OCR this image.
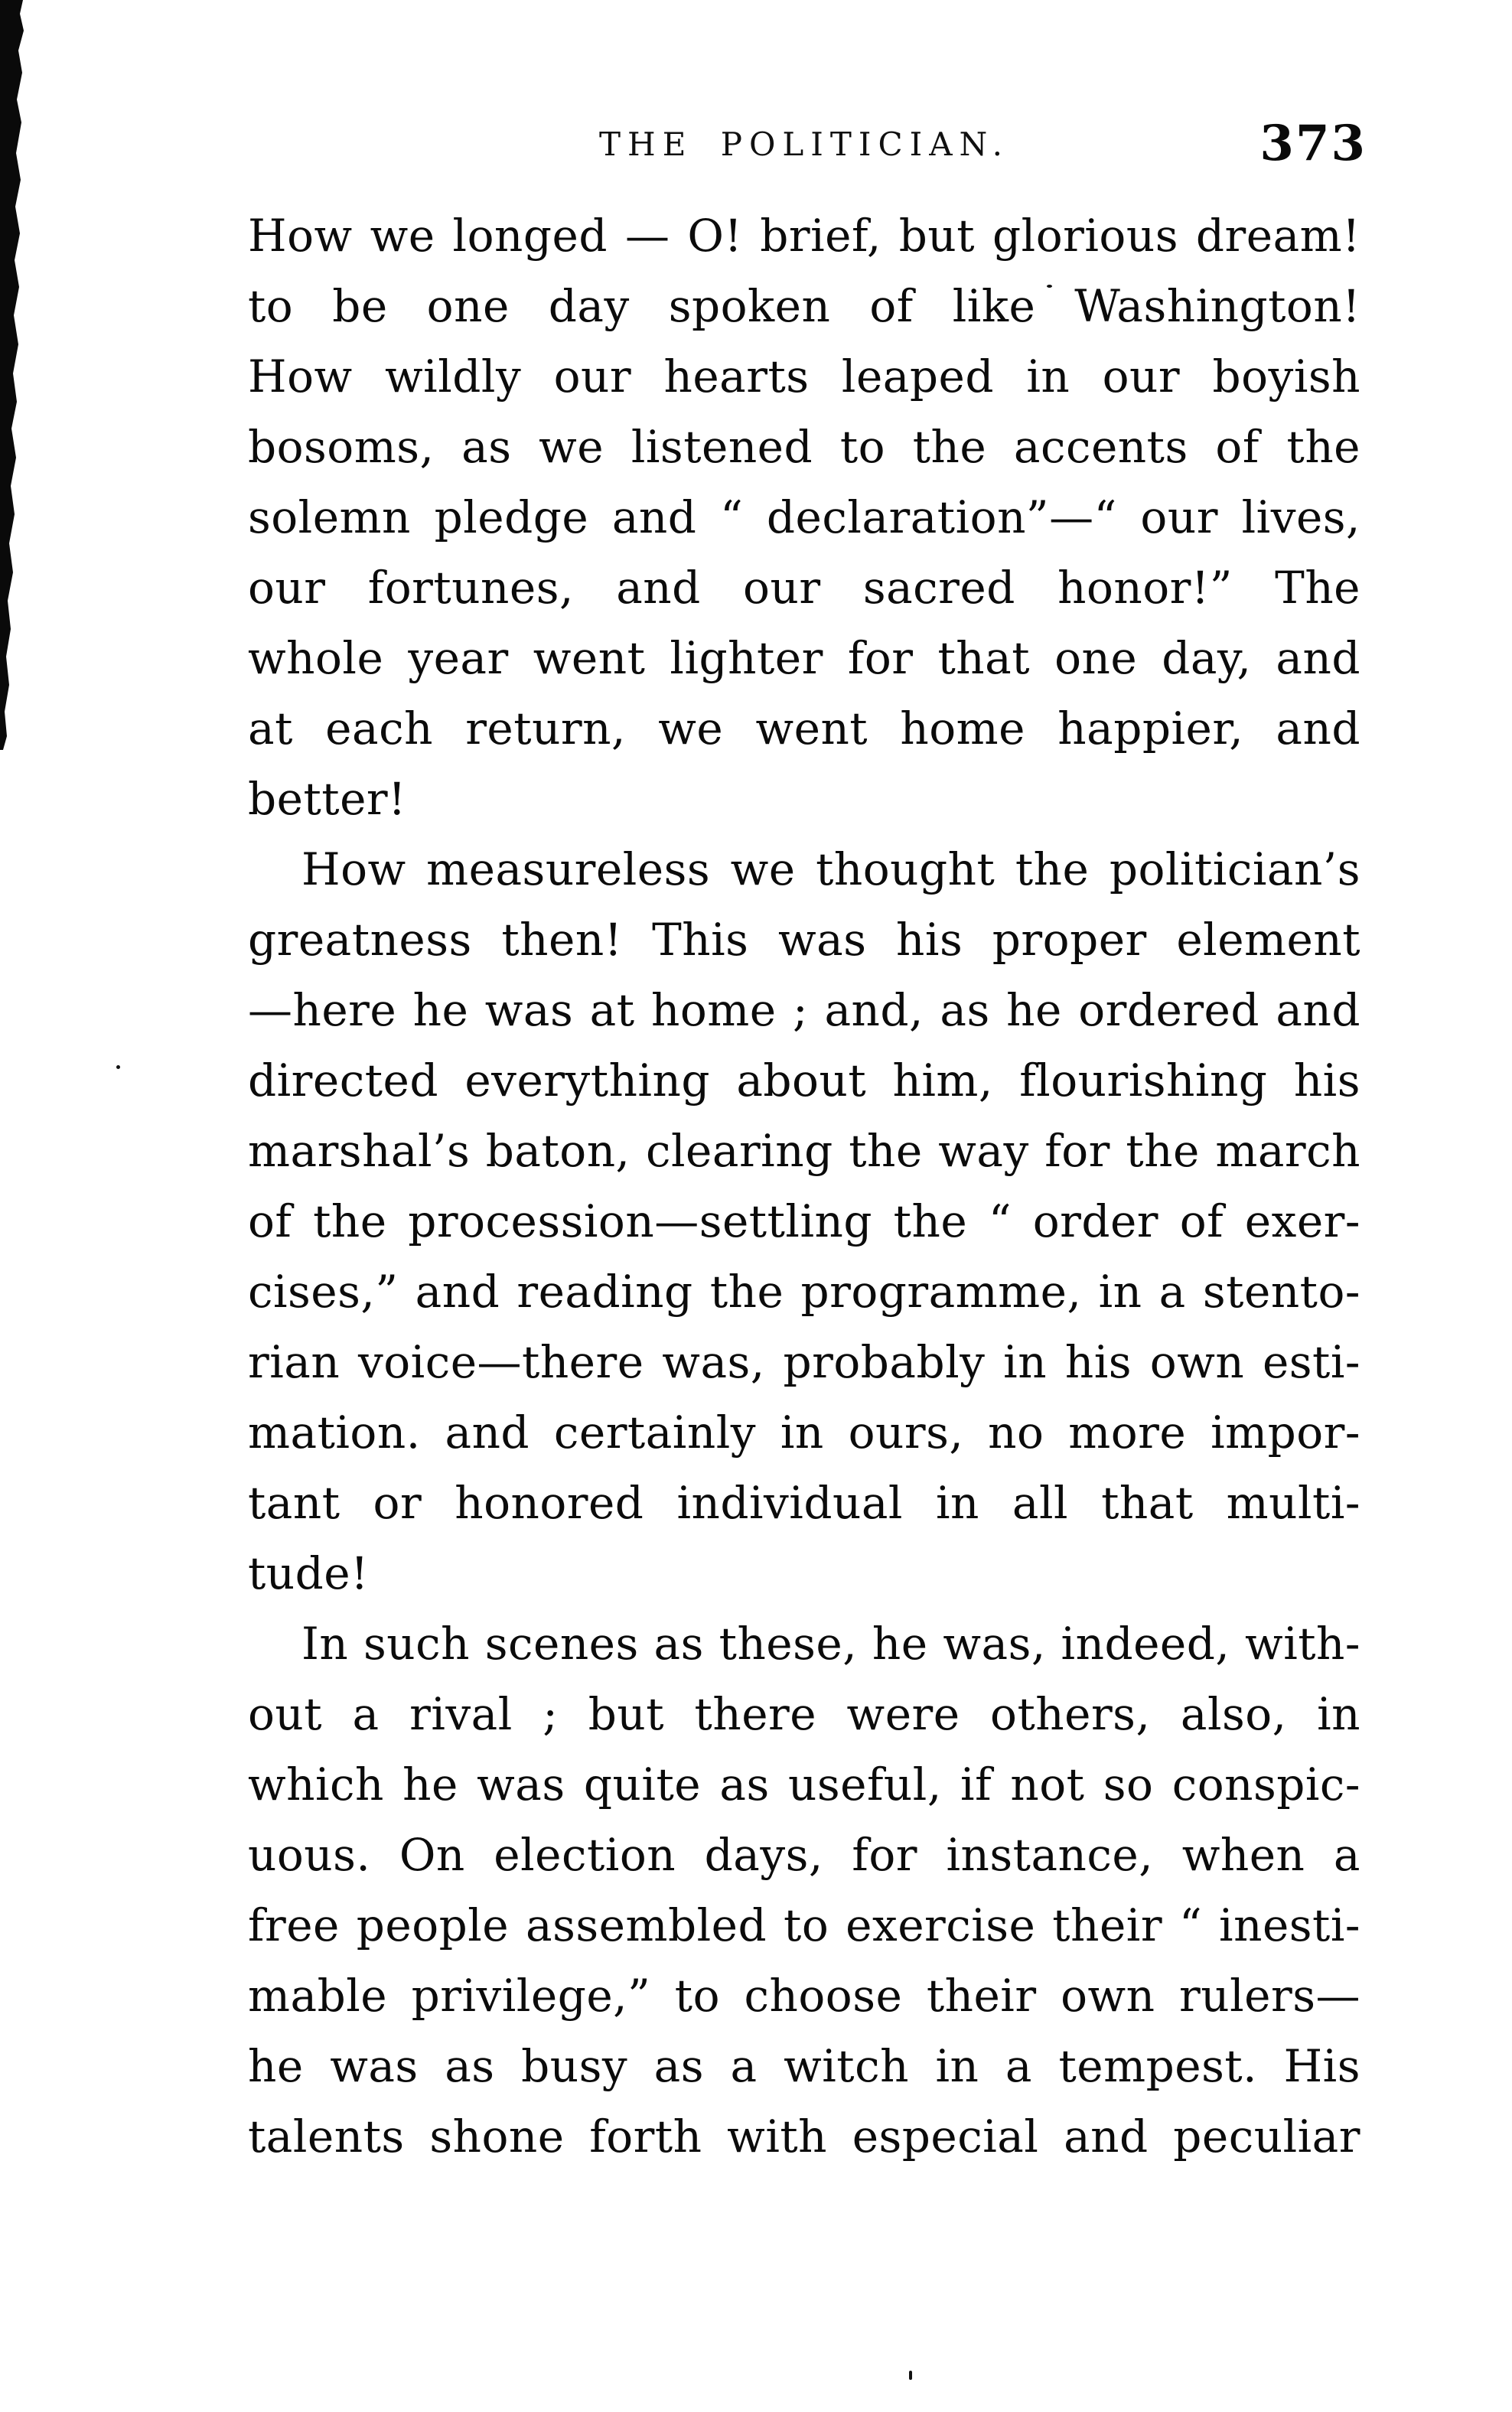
THE POLITICIAN.	373
How we longed — O! brief, but glorious dream!
to be one day spoken of like Washington!
How wildly our hearts leaped in our boyish
bosoms, as we listened to the accents of the
solemn pledge and “ declaration”—“ our lives,
our fortunes, and our sacred honor!” The
whole year went lighter for that one day, and
at each return, we went home happier, and
better!
How measureless we thought the politician’s
greatness then! This was his proper element
—here he was at home ; and, as he ordered and
directed everything about him, flourishing his
marshal’s baton, clearing the way for the march
of the procession—settling the “ order of exer-
cises,” and reading the programme, in a stento-
rian voice—there was, probably in his own esti-
mation. and certainly in ours, no more impor-
tant or honored individual in all that multi-
tude!
In such scenes as these, he was, indeed, with-
out a rival ; but there were others, also, in
which he was quite as useful, if not so conspic-
uous. On election days, for instance, when a
free people assembled to exercise their “ inesti-
mable privilege,” to choose their own rulers—
he was as busy as a witch in a tempest. His
talents shone forth with especial and peculiar
